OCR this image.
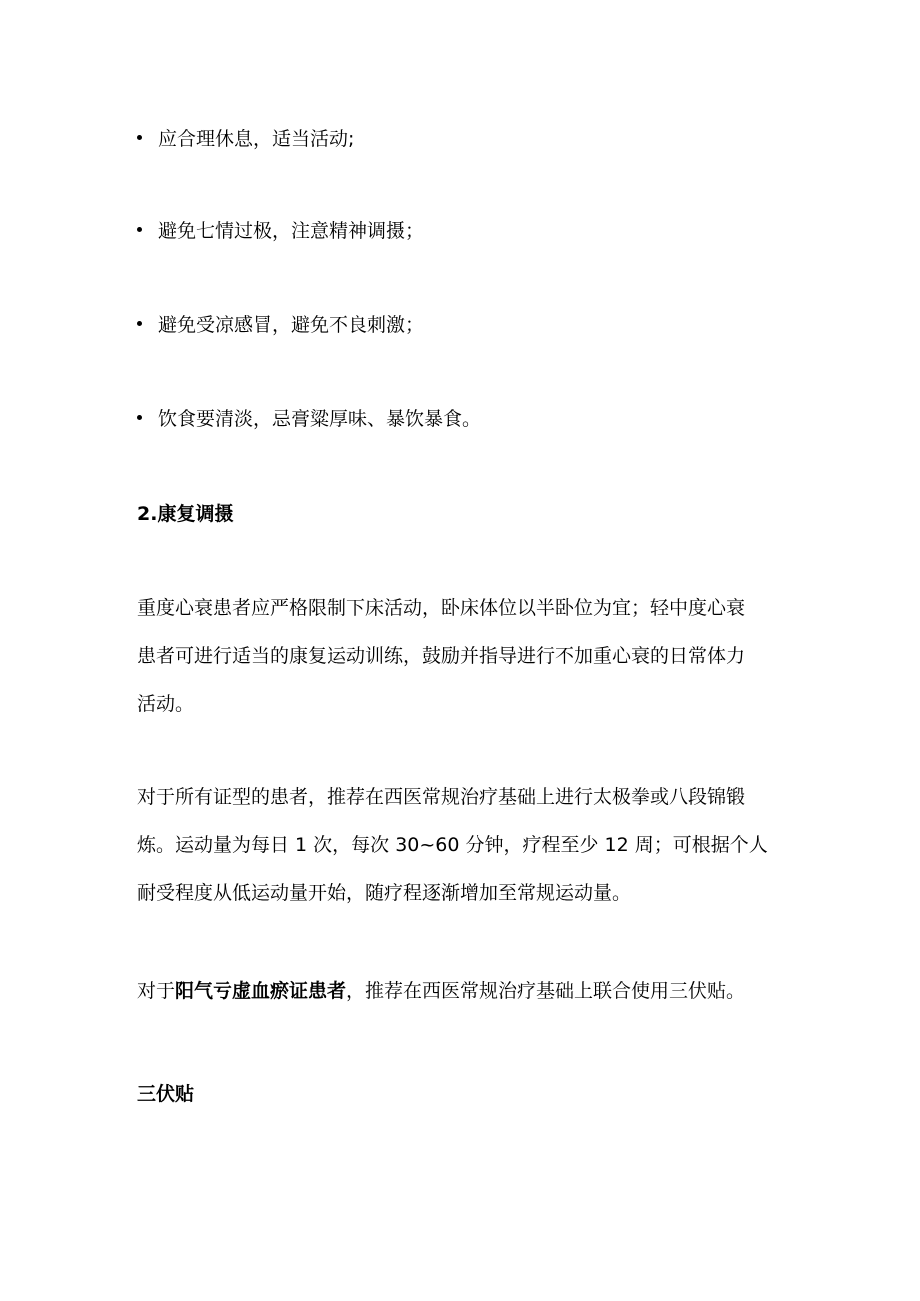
应合理休息，适当活动;
避免七情过极，注意精神调摄；
避免受凉感冒，避免不良刺激；
饮食要清淡，忌膏粱厚味、暴饮暴食。
2.康复调摄
重度心衰患者应严格限制下床活动，卧床体位以半卧位为宜；轻中度心衰
患者可进行适当的康复运动训练，鼓励并指导进行不加重心衰的日常体力
活动。
对于所有证型的患者，推荐在西医常规治疗基础上进行太极拳或八段锦锻
炼。运动量为每日 1 次，每次 30~60 分钟，疗程至少 12 周；可根据个人
耐受程度从低运动量开始，随疗程逐渐增加至常规运动量。
对于阳气亏虚血瘀证患者，推荐在西医常规治疗基础上联合使用三伏贴。
三伏贴
